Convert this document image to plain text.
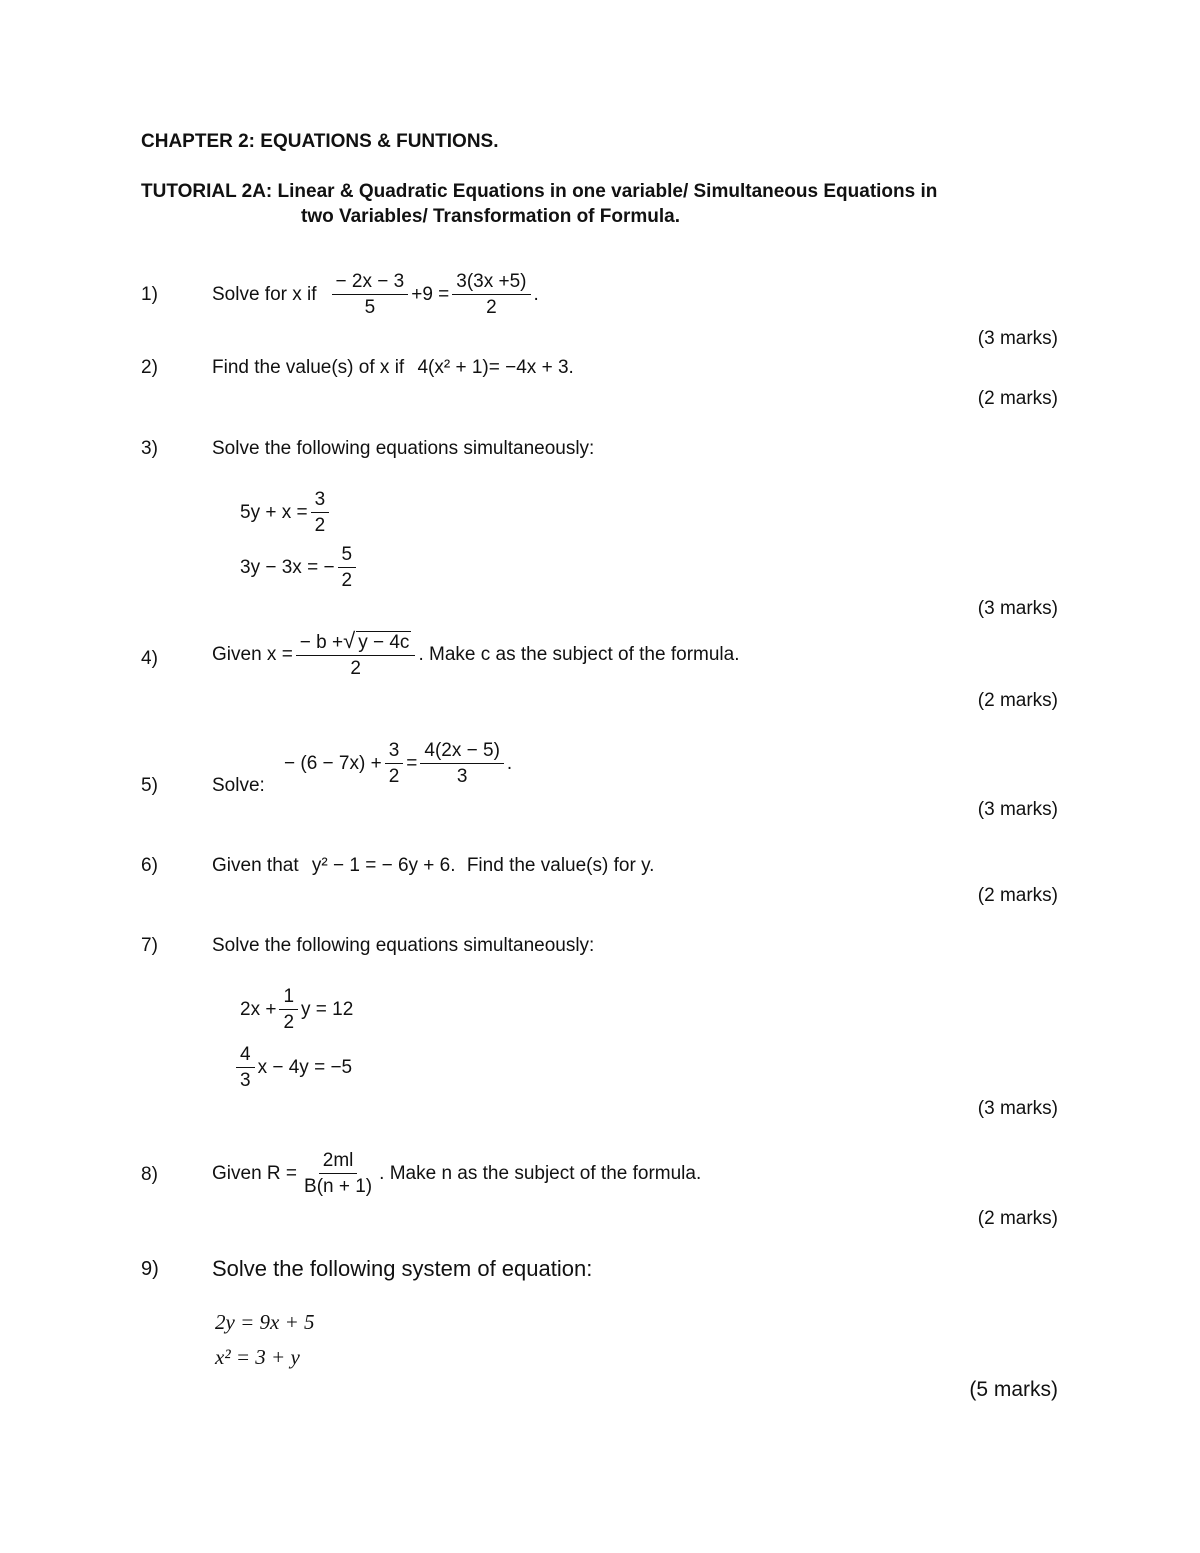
CHAPTER 2: EQUATIONS & FUNTIONS.
TUTORIAL 2A: Linear & Quadratic Equations in one variable/ Simultaneous Equations in
two Variables/ Transformation of Formula.
1)	Solve for x if $\frac{- 2x - 3}{5} +9 = \frac{3(3x +5)}{2}$ .
(3 marks)
2)	Find the value(s) of x if 4(x² + 1)= −4x + 3.
(2 marks)
3)	Solve the following equations simultaneously:
$5y + x = \frac{3}{2}$
3y − 3x = − $\frac{5}{2}$
(3 marks)
4)	Given $x = \frac{- b +√ y - 4c}{2}$ . Make c as the subject of the formula.
(2 marks)
5)	Solve:
− $(6 - 7x) + \frac{3}{2} = \frac{4(2x - 5)}{3}$ .
(3 marks)
6)	Given that y² − 1 = − 6y + 6. Find the value(s) for y.
(2 marks)
7)	Solve the following equations simultaneously:
$2x + \frac{1}{2}$ y = 12
$\frac{4}{3}$ x − 4y = −5
(3 marks)
8)	Given $R = \frac{2ml}{B(n + 1)}$ . Make n as the subject of the formula.
(2 marks)
9) Solve the following system of equation:
2y = 9x + 5
x² = 3 + y
(5 marks)
